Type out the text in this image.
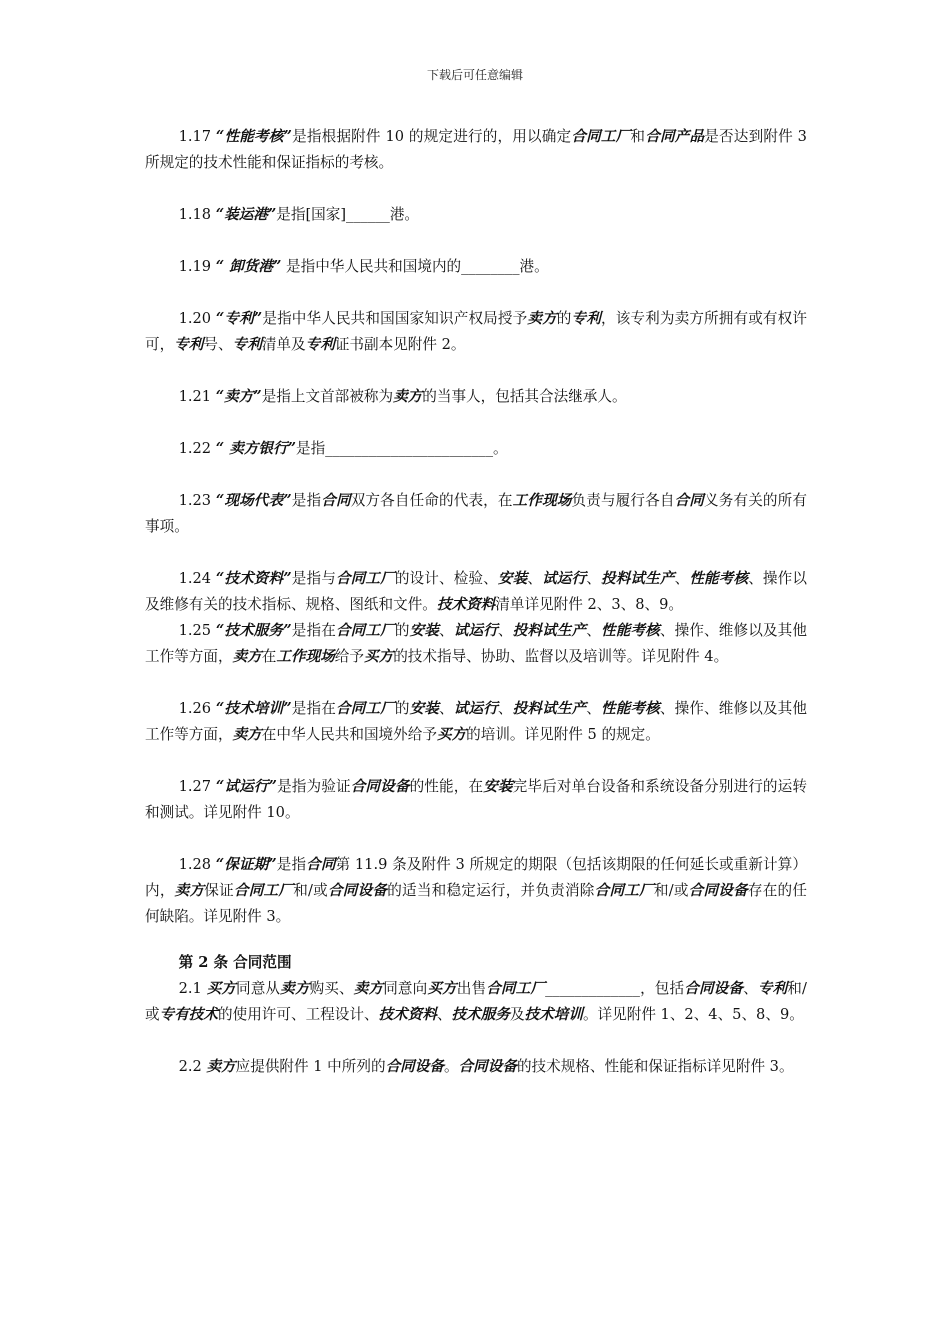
下载后可任意编辑

1.17 “性能考核”是指根据附件 10 的规定进行的，用以确定合同工厂和合同产品是否达到附件 3 所规定的技术性能和保证指标的考核。

1.18 “装运港”是指[国家]______港。

1.19 “ 卸货港” 是指中华人民共和国境内的________港。

1.20 “专利”是指中华人民共和国国家知识产权局授予卖方的专利，该专利为卖方所拥有或有权许可，专利号、专利清单及专利证书副本见附件 2。

1.21 “卖方”是指上文首部被称为卖方的当事人，包括其合法继承人。

1.22 “ 卖方银行”是指_______________________。

1.23 “现场代表”是指合同双方各自任命的代表，在工作现场负责与履行各自合同义务有关的所有事项。

1.24 “技术资料”是指与合同工厂的设计、检验、安装、试运行、投料试生产、性能考核、操作以及维修有关的技术指标、规格、图纸和文件。技术资料清单详见附件 2、3、8、9。

1.25 “技术服务”是指在合同工厂的安装、试运行、投料试生产、性能考核、操作、维修以及其他工作等方面，卖方在工作现场给予买方的技术指导、协助、监督以及培训等。详见附件 4。

1.26 “技术培训”是指在合同工厂的安装、试运行、投料试生产、性能考核、操作、维修以及其他工作等方面，卖方在中华人民共和国境外给予买方的培训。详见附件 5 的规定。

1.27 “试运行”是指为验证合同设备的性能，在安装完毕后对单台设备和系统设备分别进行的运转和测试。详见附件 10。

1.28 “保证期”是指合同第 11.9 条及附件 3 所规定的期限（包括该期限的任何延长或重新计算）内，卖方保证合同工厂和/或合同设备的适当和稳定运行，并负责消除合同工厂和/或合同设备存在的任何缺陷。详见附件 3。

第 2 条 合同范围

2.1 买方同意从卖方购买、卖方同意向买方出售合同工厂_____________，包括合同设备、专利和/或专有技术的使用许可、工程设计、技术资料、技术服务及技术培训。详见附件 1、2、4、5、8、9。

2.2 卖方应提供附件 1 中所列的合同设备。合同设备的技术规格、性能和保证指标详见附件 3。
